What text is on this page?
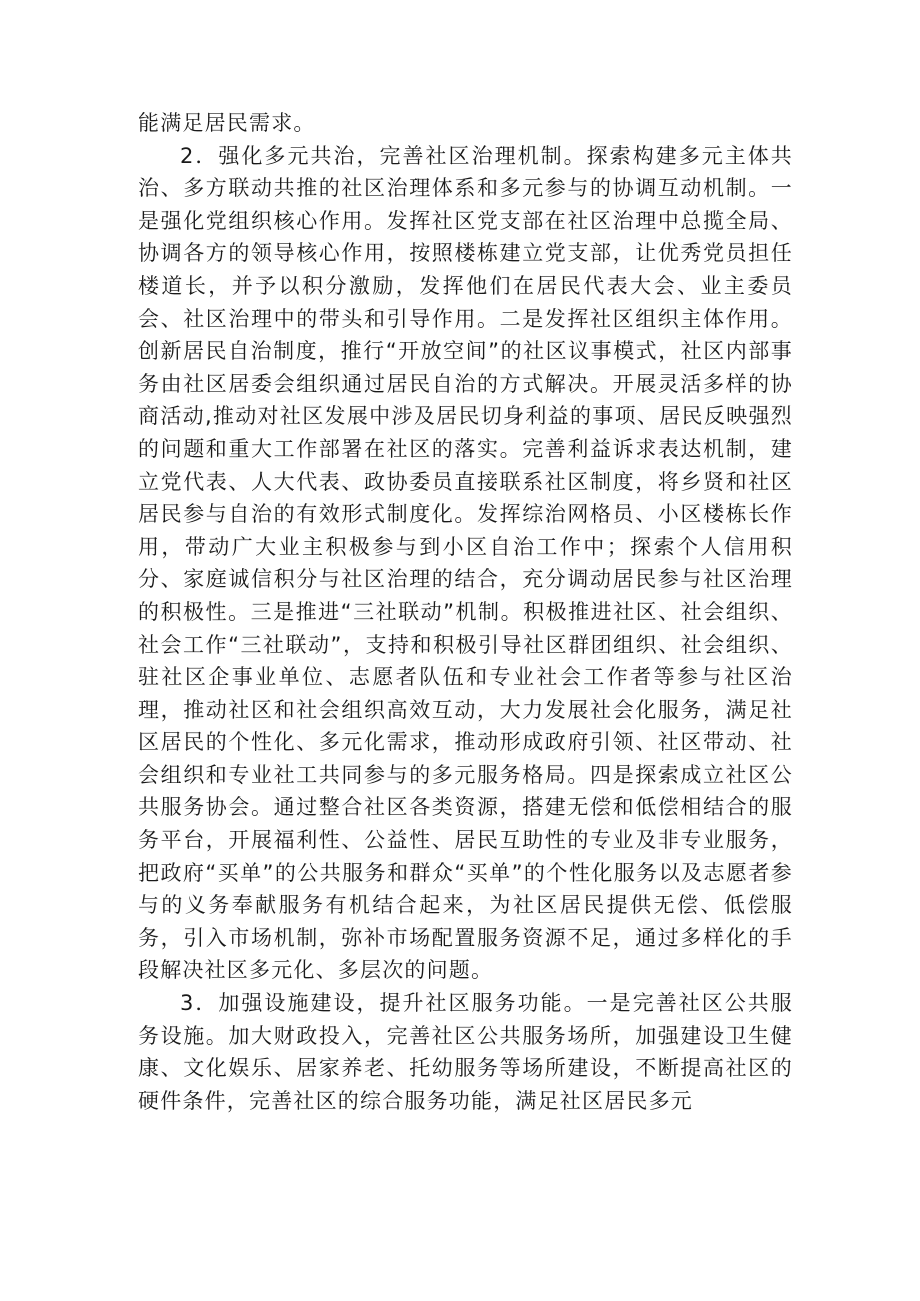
能满足居民需求。

2．强化多元共治，完善社区治理机制。探索构建多元主体共治、多方联动共推的社区治理体系和多元参与的协调互动机制。一是强化党组织核心作用。发挥社区党支部在社区治理中总揽全局、协调各方的领导核心作用，按照楼栋建立党支部，让优秀党员担任楼道长，并予以积分激励，发挥他们在居民代表大会、业主委员会、社区治理中的带头和引导作用。二是发挥社区组织主体作用。创新居民自治制度，推行“开放空间”的社区议事模式，社区内部事务由社区居委会组织通过居民自治的方式解决。开展灵活多样的协商活动,推动对社区发展中涉及居民切身利益的事项、居民反映强烈的问题和重大工作部署在社区的落实。完善利益诉求表达机制，建立党代表、人大代表、政协委员直接联系社区制度，将乡贤和社区居民参与自治的有效形式制度化。发挥综治网格员、小区楼栋长作用，带动广大业主积极参与到小区自治工作中；探索个人信用积分、家庭诚信积分与社区治理的结合，充分调动居民参与社区治理的积极性。三是推进“三社联动”机制。积极推进社区、社会组织、社会工作“三社联动”，支持和积极引导社区群团组织、社会组织、驻社区企事业单位、志愿者队伍和专业社会工作者等参与社区治理，推动社区和社会组织高效互动，大力发展社会化服务，满足社区居民的个性化、多元化需求，推动形成政府引领、社区带动、社会组织和专业社工共同参与的多元服务格局。四是探索成立社区公共服务协会。通过整合社区各类资源，搭建无偿和低偿相结合的服务平台，开展福利性、公益性、居民互助性的专业及非专业服务，把政府“买单”的公共服务和群众“买单”的个性化服务以及志愿者参与的义务奉献服务有机结合起来，为社区居民提供无偿、低偿服务，引入市场机制，弥补市场配置服务资源不足，通过多样化的手段解决社区多元化、多层次的问题。

3．加强设施建设，提升社区服务功能。一是完善社区公共服务设施。加大财政投入，完善社区公共服务场所，加强建设卫生健康、文化娱乐、居家养老、托幼服务等场所建设，不断提高社区的硬件条件，完善社区的综合服务功能，满足社区居民多元
